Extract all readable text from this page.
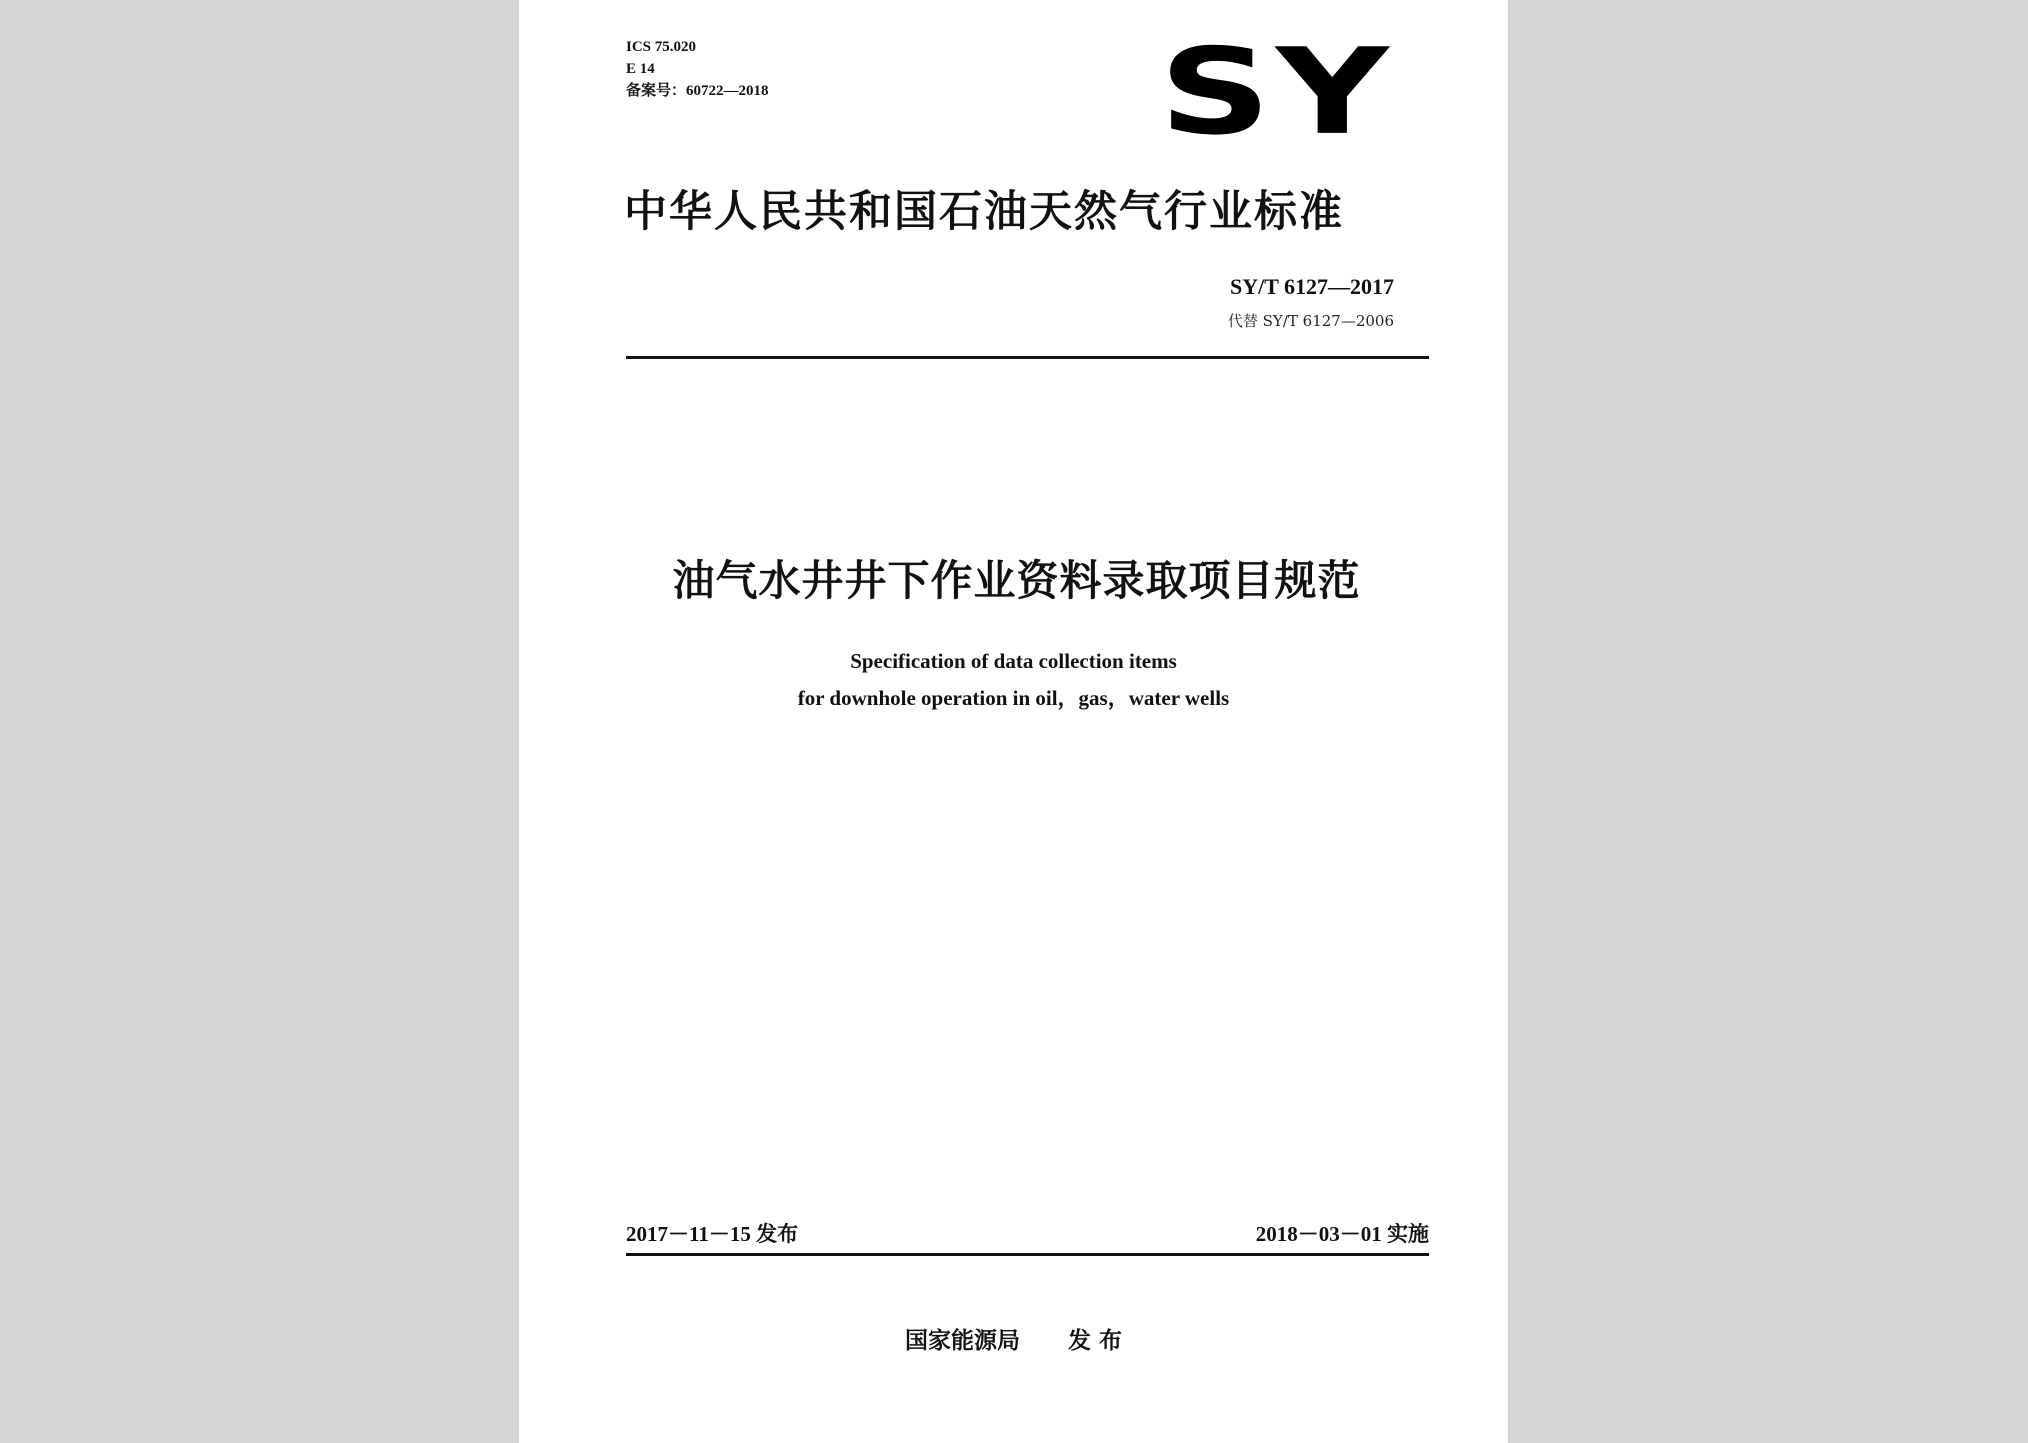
ICS 75.020
E 14
备案号：60722—2018	SY
中华人民共和国石油天然气行业标准
SY/T 6127—2017
代替 SY/T 6127—2006
油气水井井下作业资料录取项目规范
Specification of data collection items
for downhole operation in oil，gas，water wells
2017－11－15 发布	2018－03－01 实施
国家能源局 发 布
